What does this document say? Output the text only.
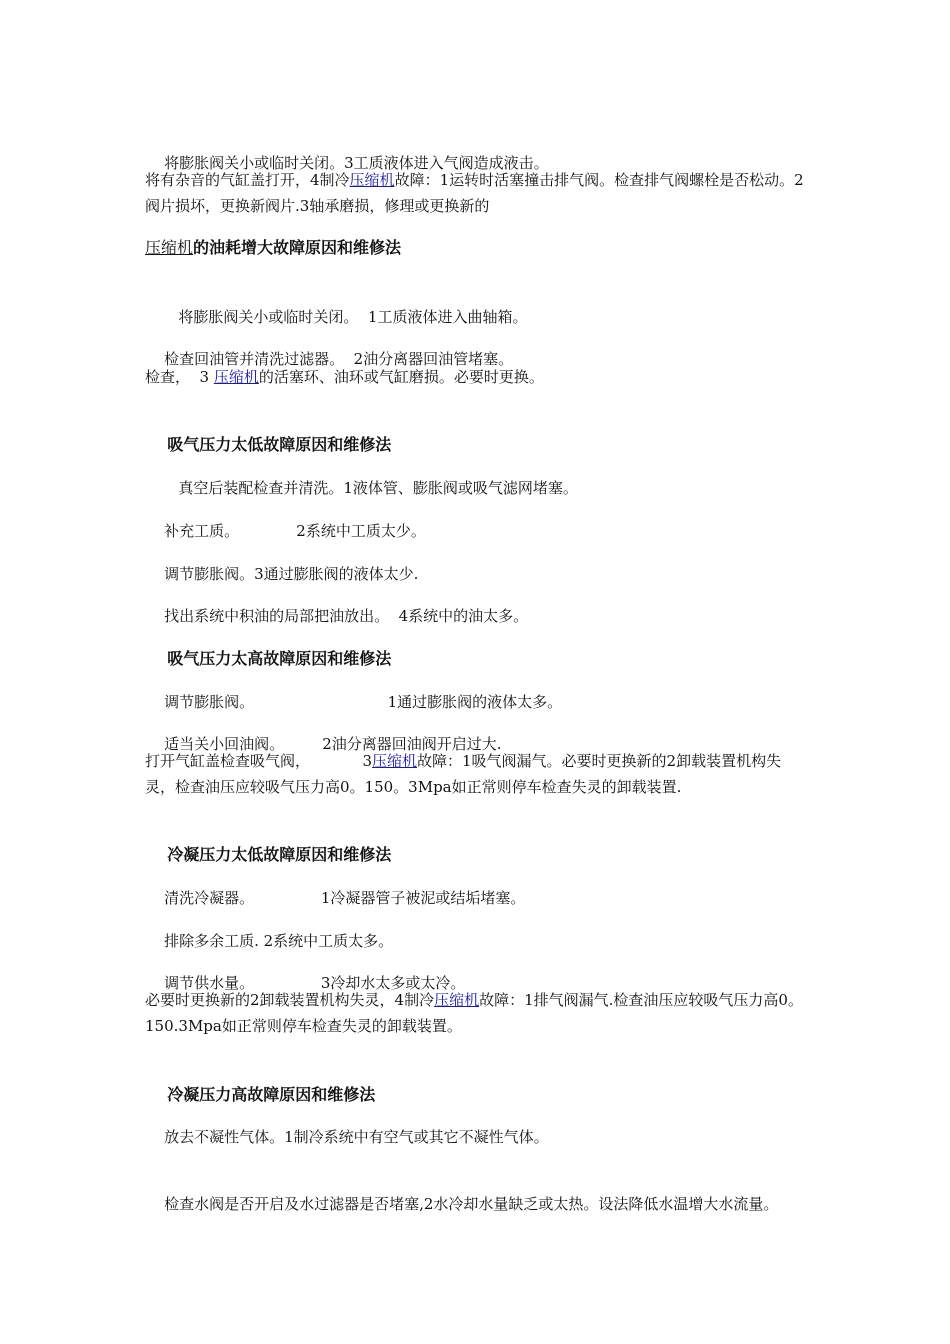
将膨胀阀关小或临时关闭。3工质液体进入气阀造成液击。

将有杂音的气缸盖打开，4制冷压缩机故障：1运转时活塞撞击排气阀。检查排气阀螺栓是否松动。2阀片损坏，更换新阀片.3轴承磨损，修理或更换新的
压缩机的油耗增大故障原因和维修法

将膨胀阀关小或临时关闭。  1工质液体进入曲轴箱。

检查回油管并清洗过滤器。  2油分离器回油管堵塞。

检查，  3 压缩机的活塞环、油环或气缸磨损。必要时更换。

吸气压力太低故障原因和维修法

真空后装配检查并清洗。1液体管、膨胀阀或吸气滤网堵塞。

补充工质。            2系统中工质太少。

调节膨胀阀。3通过膨胀阀的液体太少.

找出系统中积油的局部把油放出。  4系统中的油太多。

吸气压力太高故障原因和维修法

调节膨胀阀。                            1通过膨胀阀的液体太多。

适当关小回油阀。        2油分离器回油阀开启过大.

打开气缸盖检查吸气阀，           3压缩机故障：1吸气阀漏气。必要时更换新的2卸载装置机构失灵，检查油压应较吸气压力高0。150。3Mpa如正常则停车检查失灵的卸载装置.

冷凝压力太低故障原因和维修法

清洗冷凝器。              1冷凝器管子被泥或结垢堵塞。

排除多余工质. 2系统中工质太多。

调节供水量。              3冷却水太多或太冷。

必要时更换新的2卸载装置机构失灵，4制冷压缩机故障：1排气阀漏气.检查油压应较吸气压力高0。150.3Mpa如正常则停车检查失灵的卸载装置。

冷凝压力高故障原因和维修法

放去不凝性气体。1制冷系统中有空气或其它不凝性气体。

检查水阀是否开启及水过滤器是否堵塞,2水冷却水量缺乏或太热。设法降低水温增大水流量。
